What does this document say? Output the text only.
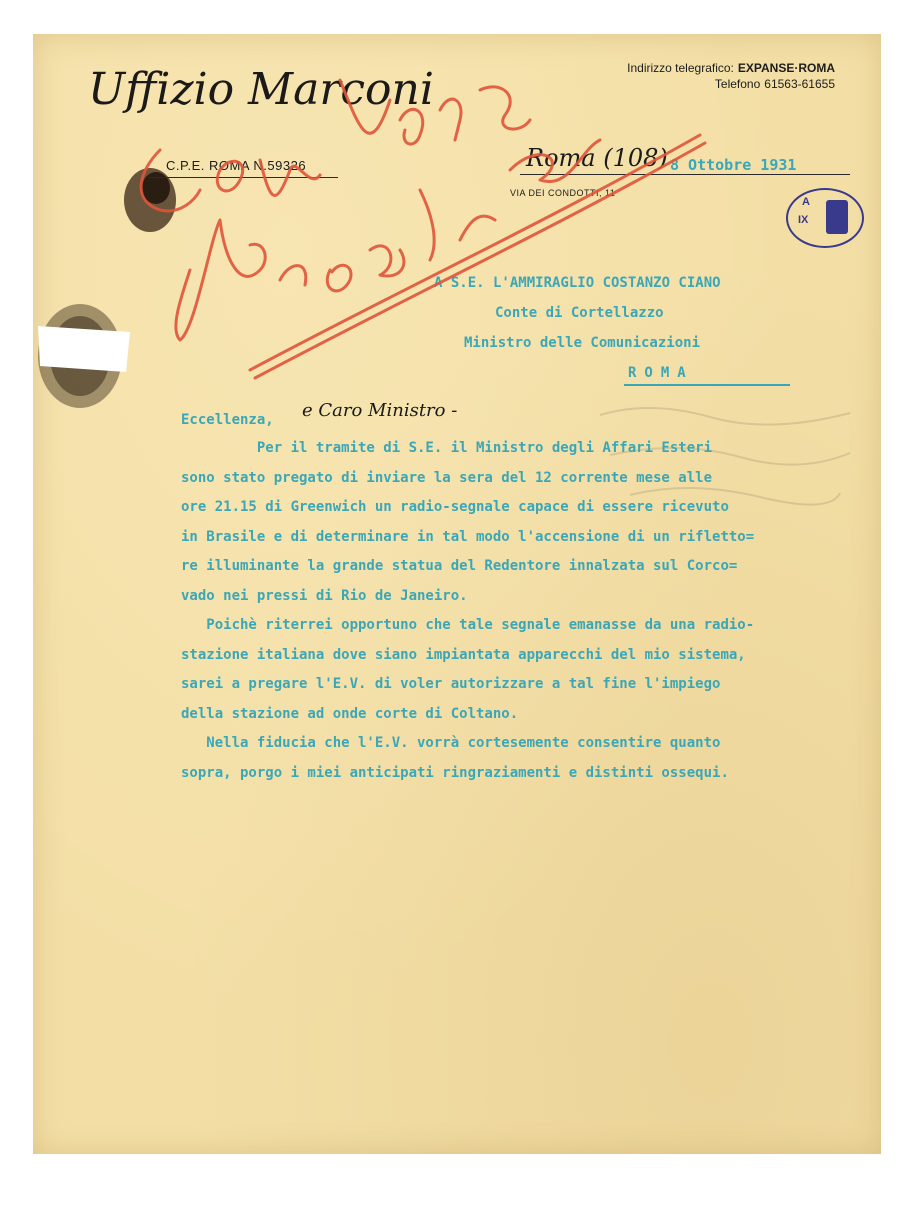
Uffizio Marconi	Indirizzo telegrafico: EXPANSE·ROMA
Telefono 61563-61655
C.P.E. ROMA N.59326	Roma (108) 8 Ottobre 1931
VIA DEI CONDOTTI, 11
A
IX
A S.E. L'AMMIRAGLIO COSTANZO CIANO
Conte di Cortellazzo
Ministro delle Comunicazioni
ROMA
Eccellenza, e Caro Ministro -
Per il tramite di S.E. il Ministro degli Affari Esteri
sono stato pregato di inviare la sera del 12 corrente mese alle
ore 21.15 di Greenwich un radio-segnale capace di essere ricevuto
in Brasile e di determinare in tal modo l'accensione di un rifletto=
re illuminante la grande statua del Redentore innalzata sul Corco=
vado nei pressi di Rio de Janeiro.
Poichè riterrei opportuno che tale segnale emanasse da una radio-
stazione italiana dove siano impiantata apparecchi del mio sistema,
sarei a pregare l'E.V. di voler autorizzare a tal fine l'impiego
della stazione ad onde corte di Coltano.
Nella fiducia che l'E.V. vorrà cortesemente consentire quanto
sopra, porgo i miei anticipati ringraziamenti e distinti ossequi.
